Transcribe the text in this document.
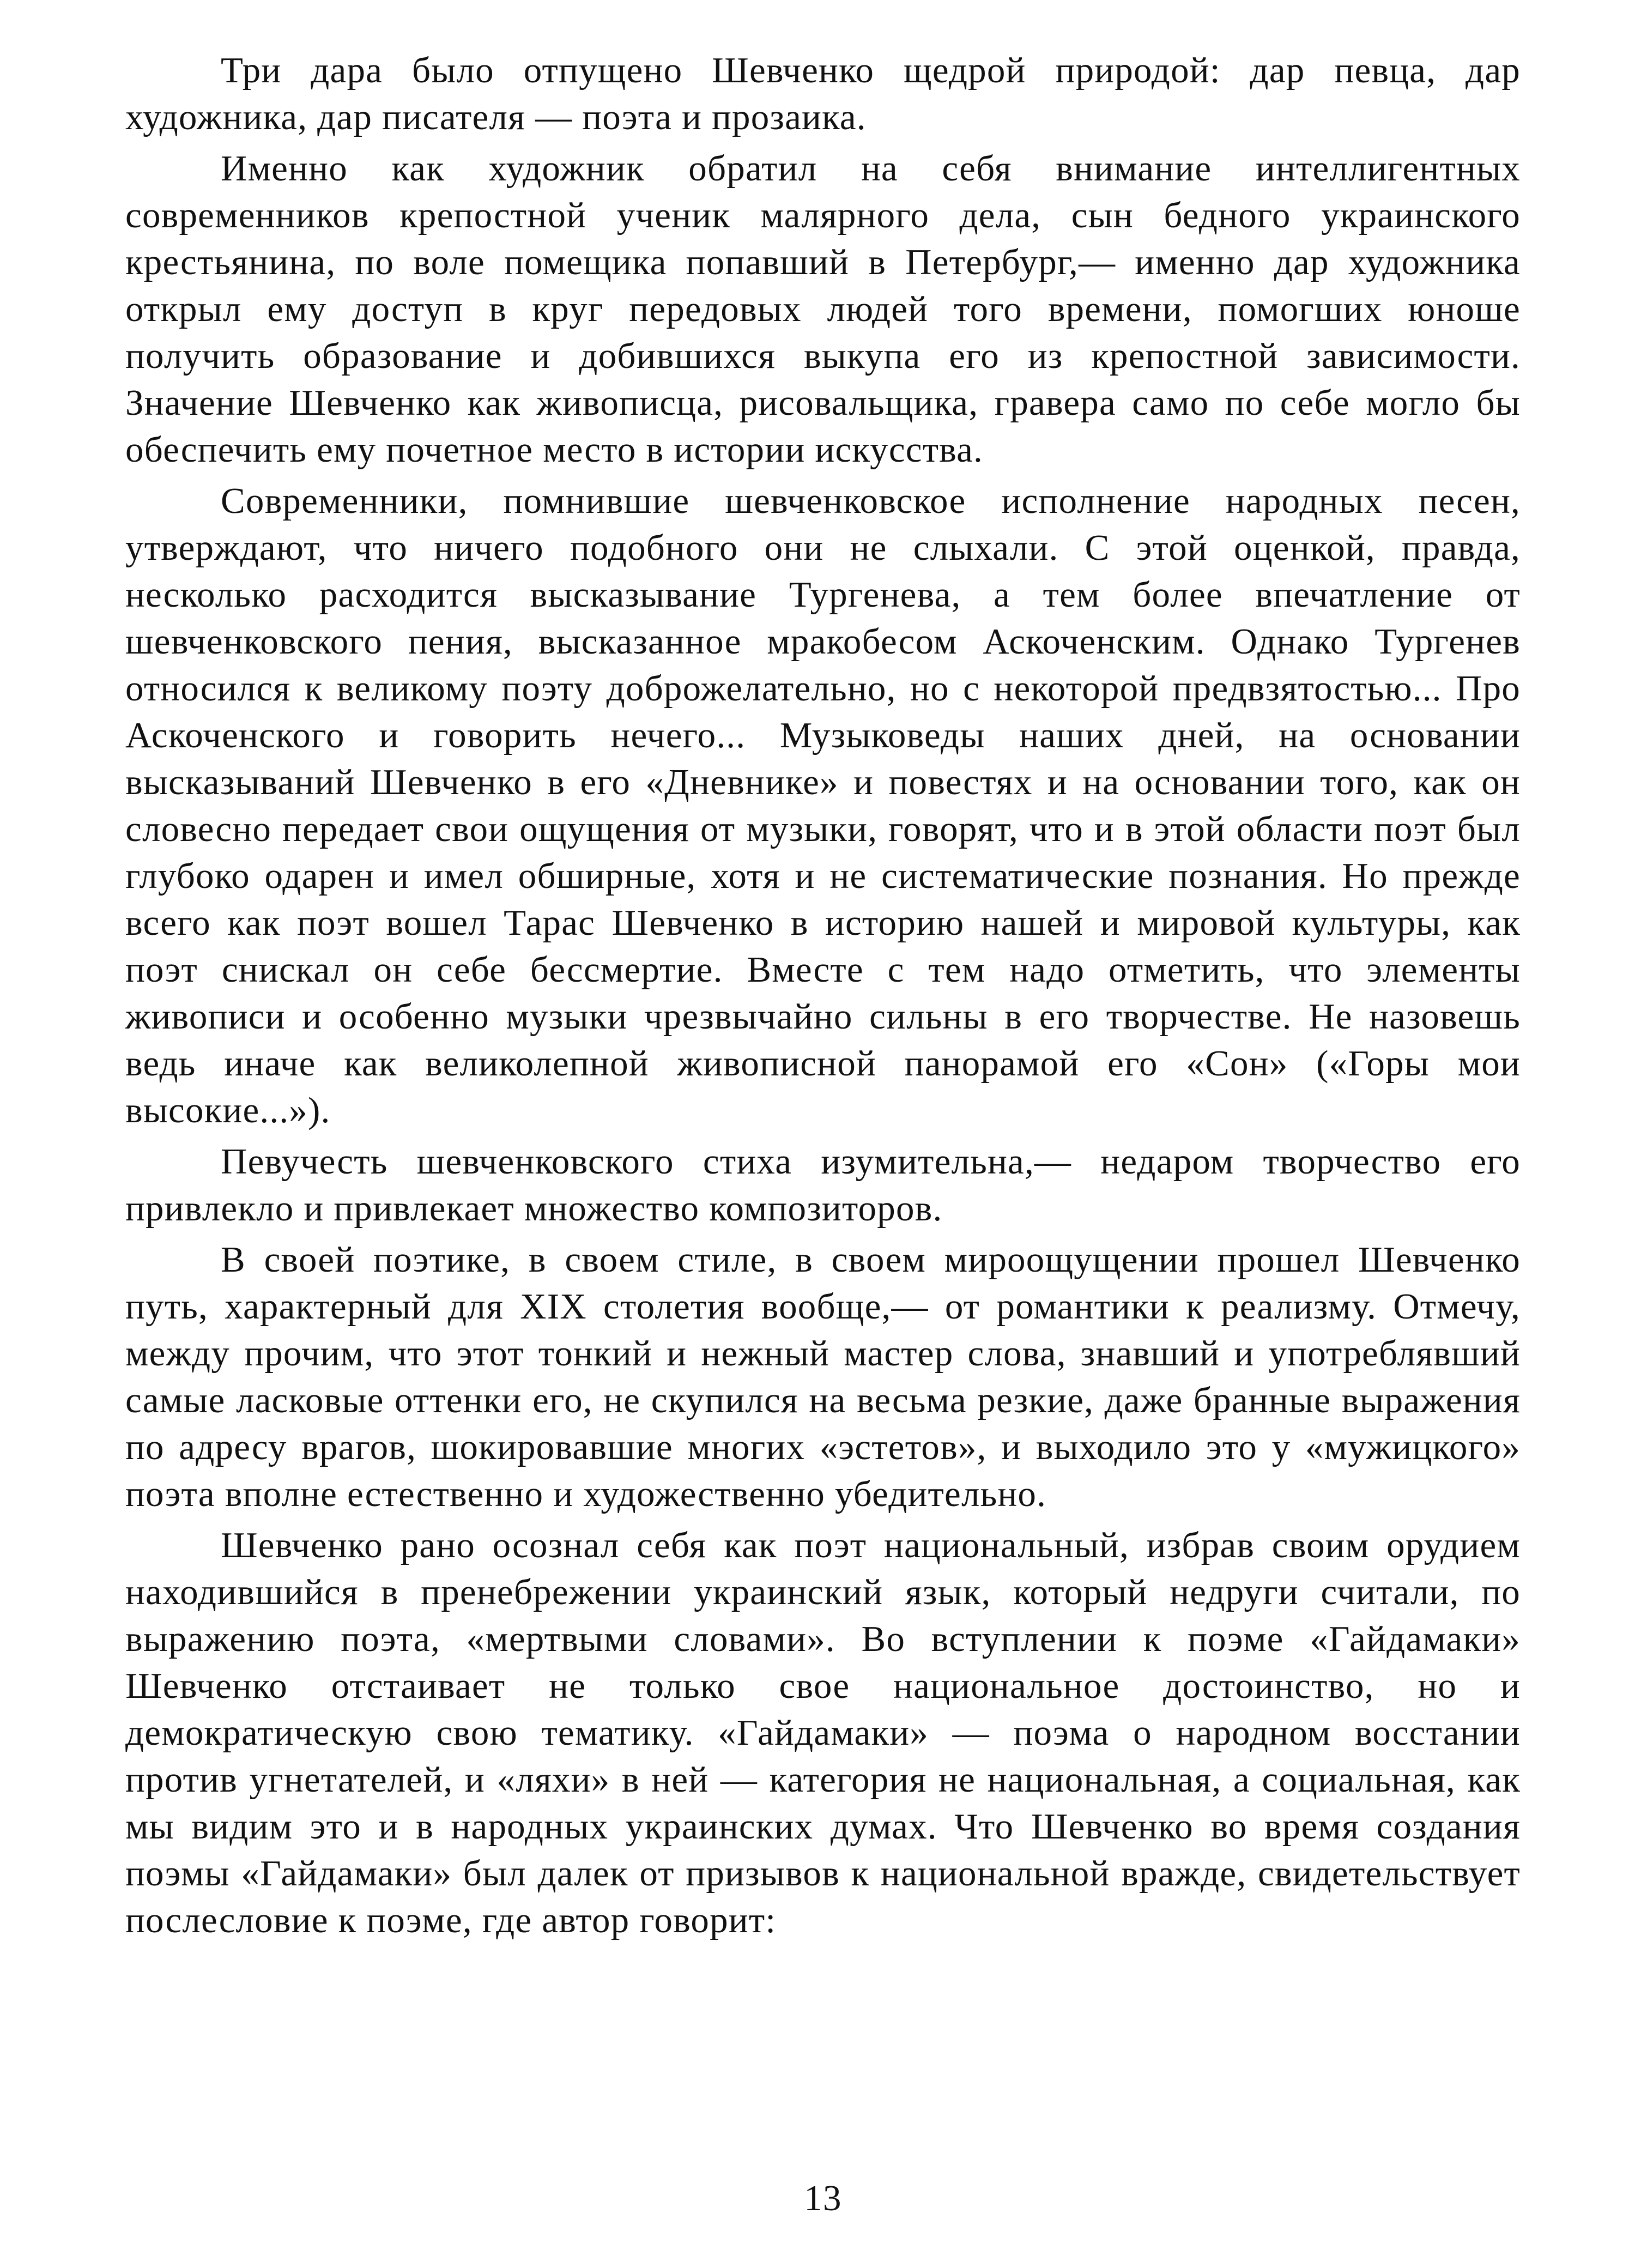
Три дара было отпущено Шевченко щедрой природой: дар певца, дар художника, дар писателя — поэта и прозаика.

Именно как художник обратил на себя внимание интеллигентных современников крепостной ученик малярного дела, сын бедного украинского крестьянина, по воле помещика попавший в Петербург,— именно дар художника открыл ему доступ в круг передовых людей того времени, помогших юноше получить образование и добившихся выкупа его из крепостной зависимости. Значение Шевченко как живописца, рисовальщика, гравера само по себе могло бы обеспечить ему почетное место в истории искусства.

Современники, помнившие шевченковское исполнение народных песен, утверждают, что ничего подобного они не слыхали. С этой оценкой, правда, несколько расходится высказывание Тургенева, а тем более впечатление от шевченковского пения, высказанное мракобесом Аскоченским. Однако Тургенев относился к великому поэту доброжелательно, но с некоторой предвзятостью... Про Аскоченского и говорить нечего... Музыковеды наших дней, на основании высказываний Шевченко в его «Дневнике» и повестях и на основании того, как он словесно передает свои ощущения от музыки, говорят, что и в этой области поэт был глубоко одарен и имел обширные, хотя и не систематические познания. Но прежде всего как поэт вошел Тарас Шевченко в историю нашей и мировой культуры, как поэт снискал он себе бессмертие. Вместе с тем надо отметить, что элементы живописи и особенно музыки чрезвычайно сильны в его творчестве. Не назовешь ведь иначе как великолепной живописной панорамой его «Сон» («Горы мои высокие...»).

Певучесть шевченковского стиха изумительна,— недаром творчество его привлекло и привлекает множество композиторов.

В своей поэтике, в своем стиле, в своем мироощущении прошел Шевченко путь, характерный для XIX столетия вообще,— от романтики к реализму. Отмечу, между прочим, что этот тонкий и нежный мастер слова, знавший и употреблявший самые ласковые оттенки его, не скупился на весьма резкие, даже бранные выражения по адресу врагов, шокировавшие многих «эстетов», и выходило это у «мужицкого» поэта вполне естественно и художественно убедительно.

Шевченко рано осознал себя как поэт национальный, избрав своим орудием находившийся в пренебрежении украинский язык, который недруги считали, по выражению поэта, «мертвыми словами». Во вступлении к поэме «Гайдамаки» Шевченко отстаивает не только свое национальное достоинство, но и демократическую свою тематику. «Гайдамаки» — поэма о народном восстании против угнетателей, и «ляхи» в ней — категория не национальная, а социальная, как мы видим это и в народных украинских думах. Что Шевченко во время создания поэмы «Гайдамаки» был далек от призывов к национальной вражде, свидетельствует послесловие к поэме, где автор говорит:

13
